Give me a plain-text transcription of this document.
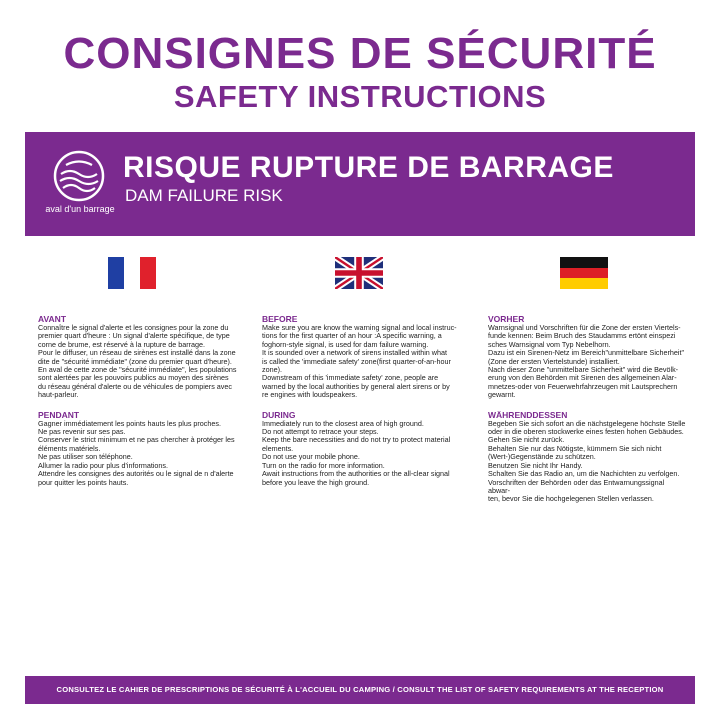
CONSIGNES DE SÉCURITÉ
SAFETY INSTRUCTIONS
aval d'un barrage
RISQUE RUPTURE DE BARRAGE
DAM FAILURE RISK
AVANT
Connaître le signal d'alerte et les consignes pour la zone du
premier quart d'heure : Un signal d'alerte spécifique, de type
corne de brume, est réservé à la rupture de barrage.
Pour le diffuser, un réseau de sirènes est installé dans la zone
dite de "sécurité immédiate" (zone du premier quart d'heure).
En aval de cette zone de "sécurité immédiate", les populations
sont alertées par les pouvoirs publics au moyen des sirènes
du réseau général d'alerte ou de véhicules de pompiers avec
haut-parleur.
PENDANT
Gagner immédiatement les points hauts les plus proches.
Ne pas revenir sur ses pas.
Conserver le strict minimum et ne pas chercher à protéger les
éléments matériels.
Ne pas utiliser son téléphone.
Allumer la radio pour plus d'informations.
Attendre les consignes des autorités ou le signal de n d'alerte
pour quitter les points hauts.
BEFORE
Make sure you are know the warning signal and local instruc-
tions for the first quarter of an hour :A specific warning, a
foghorn-style signal, is used for dam failure warning.
It is sounded over a network of sirens installed within what
is called the 'immediate safety' zone(first quarter-of-an-hour
zone).
Downstream of this 'immediate safety' zone, people are
warned by the local authorities by general alert sirens or by
re engines with loudspeakers.
DURING
Immediately run to the closest area of high ground.
Do not attempt to retrace your steps.
Keep the bare necessities and do not try to protect material
elements.
Do not use your mobile phone.
Turn on the radio for more information.
Await instructions from the authorities or the all-clear signal
before you leave the high ground.
VORHER
Warnsignal und Vorschriften für die Zone der ersten Viertels-
funde kennen: Beim Bruch des Staudamms ertönt einspezi
sches Warnsignal vom Typ Nebelhorn.
Dazu ist ein Sirenen-Netz im Bereich"unmittelbare Sicherheit"
(Zone der ersten Viertelstunde) installiert.
Nach dieser Zone "unmittelbare Sicherheit" wird die Bevölk-
erung von den Behörden mit Sirenen des allgemeinen Alar-
mnetzes-oder von Feuerwehrfahrzeugen mit Lautsprechern
gewarnt.
WÄHRENDDESSEN
Begeben Sie sich sofort an die nächstgelegene höchste Stelle
oder in die oberen stockwerke eines festen hohen Gebäudes.
Gehen Sie nicht zurück.
Behalten Sie nur das Nötigste, kümmern Sie sich nicht
(Wert-)Gegenstände zu schützen.
Benutzen Sie nicht Ihr Handy.
Schalten Sie das Radio an, um die Nachichten zu verfolgen.
Vorschriften der Behörden oder das Entwarnungssignal abwar-
ten, bevor Sie die hochgelegenen Stellen verlassen.
CONSULTEZ LE CAHIER DE PRESCRIPTIONS DE SÉCURITÉ À L'ACCUEIL DU CAMPING / CONSULT THE LIST OF SAFETY REQUIREMENTS AT THE RECEPTION
